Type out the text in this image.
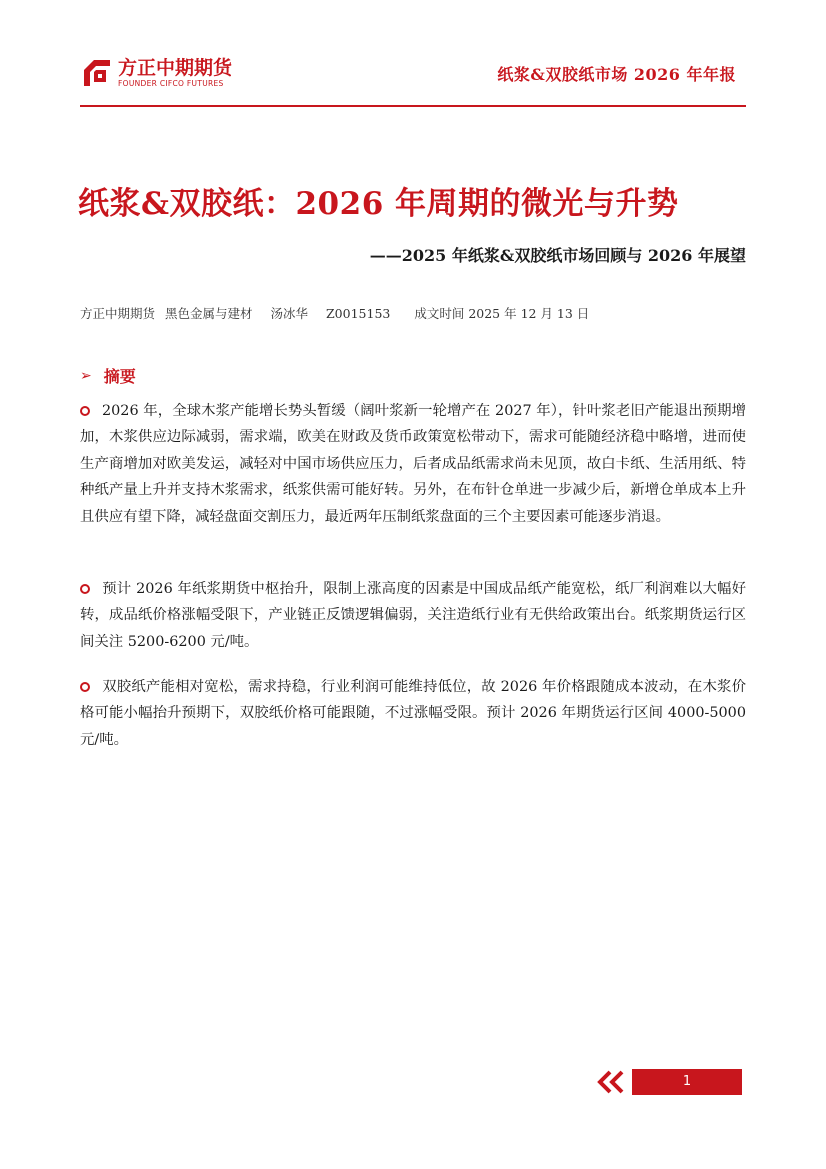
方正中期期货
FOUNDER CIFCO FUTURES	纸浆&双胶纸市场 2026 年年报
纸浆&双胶纸：2026 年周期的微光与升势
——2025 年纸浆&双胶纸市场回顾与 2026 年展望
方正中期期货 黑色金属与建材 汤冰华 Z0015153 成文时间 2025 年 12 月 13 日
➢ 摘要
2026 年，全球木浆产能增长势头暂缓（阔叶浆新一轮增产在 2027 年），针叶浆老旧产能退出预期增加，木浆供应边际减弱，需求端，欧美在财政及货币政策宽松带动下，需求可能随经济稳中略增，进而使生产商增加对欧美发运，减轻对中国市场供应压力，后者成品纸需求尚未见顶，故白卡纸、生活用纸、特种纸产量上升并支持木浆需求，纸浆供需可能好转。另外，在布针仓单进一步减少后，新增仓单成本上升且供应有望下降，减轻盘面交割压力，最近两年压制纸浆盘面的三个主要因素可能逐步消退。
预计 2026 年纸浆期货中枢抬升，限制上涨高度的因素是中国成品纸产能宽松，纸厂利润难以大幅好转，成品纸价格涨幅受限下，产业链正反馈逻辑偏弱，关注造纸行业有无供给政策出台。纸浆期货运行区间关注 5200-6200 元/吨。
双胶纸产能相对宽松，需求持稳，行业利润可能维持低位，故 2026 年价格跟随成本波动，在木浆价格可能小幅抬升预期下，双胶纸价格可能跟随，不过涨幅受限。预计 2026 年期货运行区间 4000-5000 元/吨。
1
